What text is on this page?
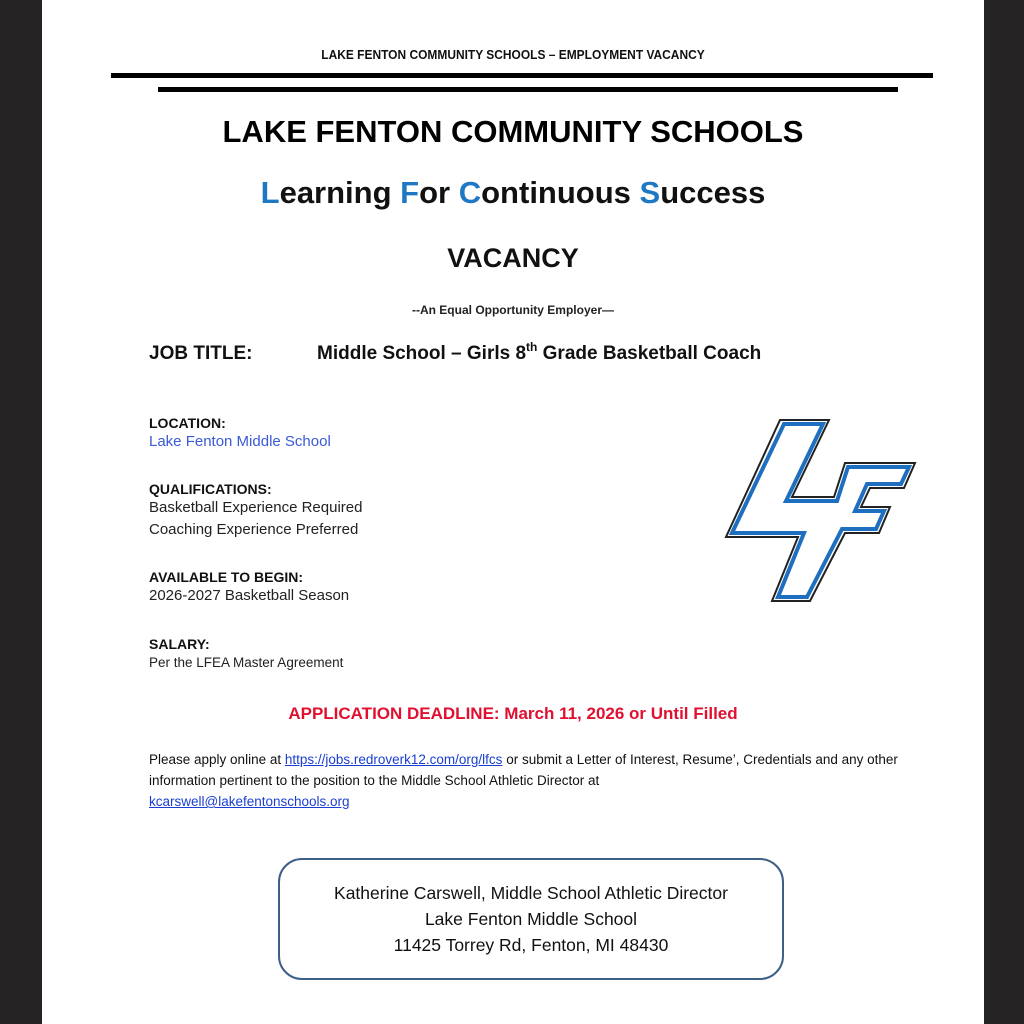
LAKE FENTON COMMUNITY SCHOOLS – EMPLOYMENT VACANCY
LAKE FENTON COMMUNITY SCHOOLS
Learning For Continuous Success
VACANCY
--An Equal Opportunity Employer—
JOB TITLE:	Middle School – Girls 8th Grade Basketball Coach
LOCATION:
Lake Fenton Middle School
QUALIFICATIONS:
Basketball Experience Required
Coaching Experience Preferred
AVAILABLE TO BEGIN:
2026-2027 Basketball Season
SALARY:
Per the LFEA Master Agreement
APPLICATION DEADLINE: March 11, 2026 or Until Filled
Please apply online at https://jobs.redroverk12.com/org/lfcs or submit a Letter of Interest, Resume’, Credentials and any other information pertinent to the position to the Middle School Athletic Director at
kcarswell@lakefentonschools.org
Katherine Carswell, Middle School Athletic Director
Lake Fenton Middle School
11425 Torrey Rd, Fenton, MI 48430
